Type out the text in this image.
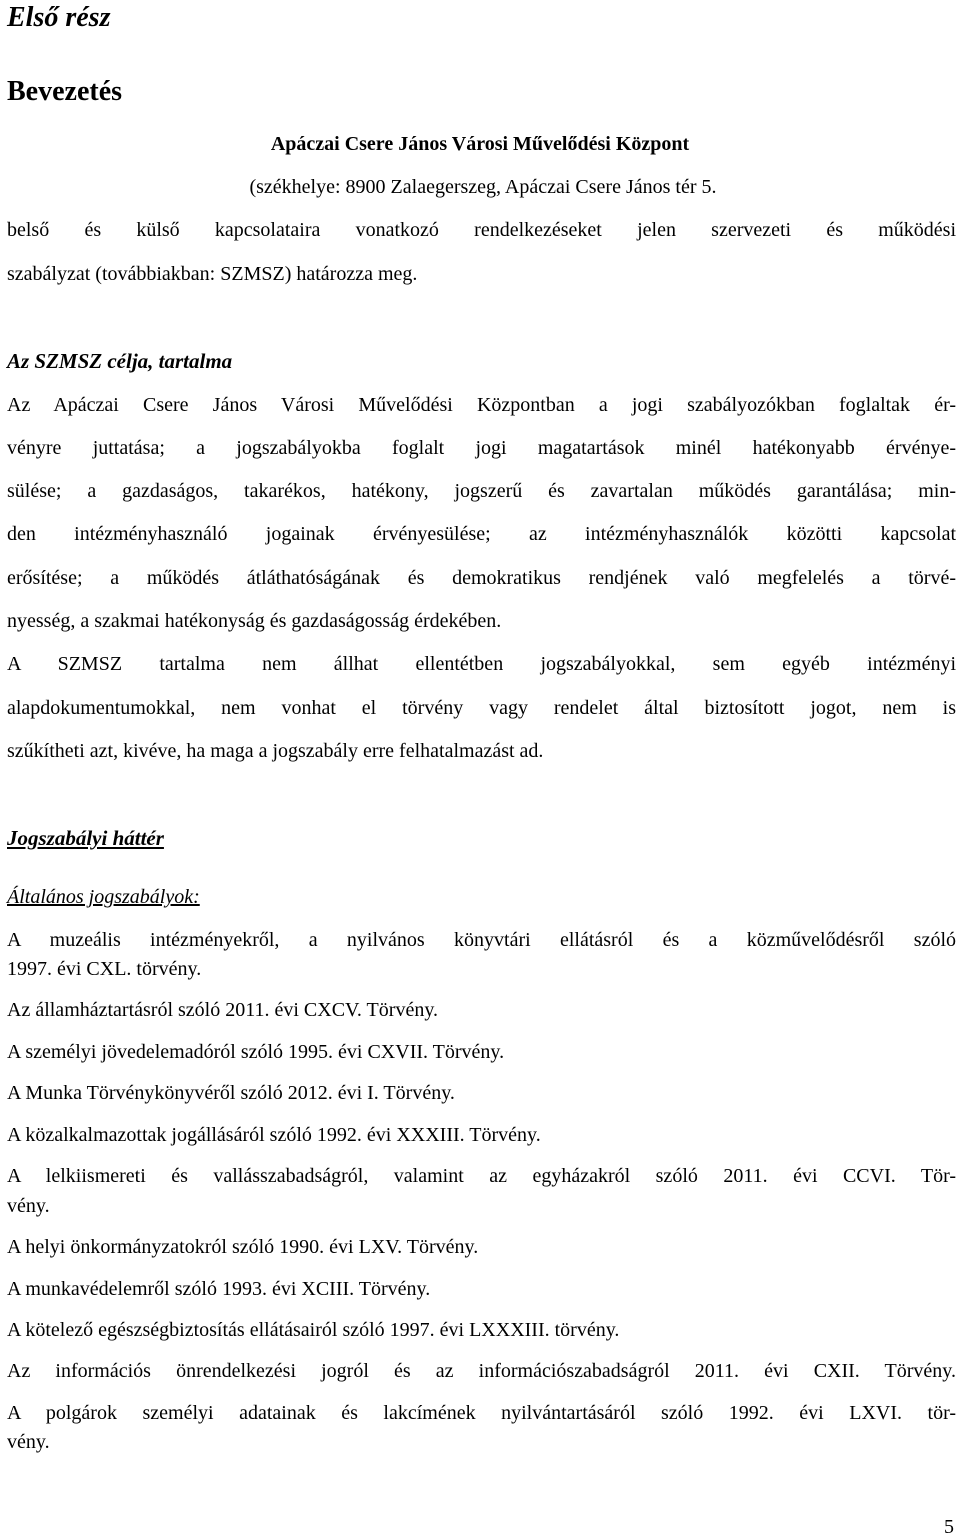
Első rész
Bevezetés

Apáczai Csere János Városi Művelődési Központ

(székhelye: 8900 Zalaegerszeg, Apáczai Csere János tér 5.

belső és külső kapcsolataira vonatkozó rendelkezéseket jelen szervezeti és működési

szabályzat (továbbiakban: SZMSZ) határozza meg.

Az SZMSZ célja, tartalma

Az Apáczai Csere János Városi Művelődési Központban a jogi szabályozókban foglaltak ér-

vényre juttatása; a jogszabályokba foglalt jogi magatartások minél hatékonyabb érvénye-

sülése; a gazdaságos, takarékos, hatékony, jogszerű és zavartalan működés garantálása; min-

den intézményhasználó jogainak érvényesülése; az intézményhasználók közötti kapcsolat

erősítése; a működés átláthatóságának és demokratikus rendjének való megfelelés a törvé-

nyesség, a szakmai hatékonyság és gazdaságosság érdekében.

A SZMSZ tartalma nem állhat ellentétben jogszabályokkal, sem egyéb intézményi

alapdokumentumokkal, nem vonhat el törvény vagy rendelet által biztosított jogot, nem is

szűkítheti azt, kivéve, ha maga a jogszabály erre felhatalmazást ad.

Jogszabályi háttér

Általános jogszabályok:

A muzeális intézményekről, a nyilvános könyvtári ellátásról és a közművelődésről szóló

1997. évi CXL. törvény.

Az államháztartásról szóló 2011. évi CXCV. Törvény.

A személyi jövedelemadóról szóló 1995. évi CXVII. Törvény.

A Munka Törvénykönyvéről szóló 2012. évi I. Törvény.

A közalkalmazottak jogállásáról szóló 1992. évi XXXIII. Törvény.

A lelkiismereti és vallásszabadságról, valamint az egyházakról szóló 2011. évi CCVI. Tör-

vény.

A helyi önkormányzatokról szóló 1990. évi LXV. Törvény.

A munkavédelemről szóló 1993. évi XCIII. Törvény.

A kötelező egészségbiztosítás ellátásairól szóló 1997. évi LXXXIII. törvény.

Az információs önrendelkezési jogról és az információszabadságról 2011. évi CXII. Törvény.

A polgárok személyi adatainak és lakcímének nyilvántartásáról szóló 1992. évi LXVI. tör-

vény.

5
